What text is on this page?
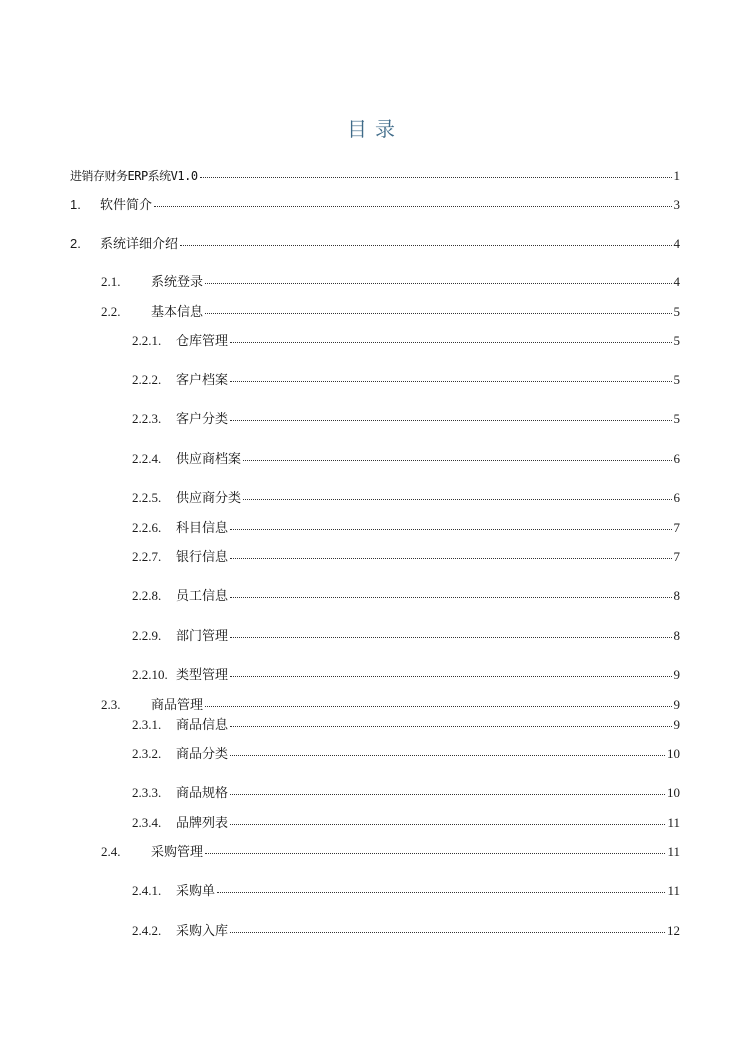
目录
进销存财务ERP系统V1.0	1
1.	软件简介	3
2.	系统详细介绍	4
2.1.	系统登录	4
2.2.	基本信息	5
2.2.1.	仓库管理	5
2.2.2.	客户档案	5
2.2.3.	客户分类	5
2.2.4.	供应商档案	6
2.2.5.	供应商分类	6
2.2.6.	科目信息	7
2.2.7.	银行信息	7
2.2.8.	员工信息	8
2.2.9.	部门管理	8
2.2.10. 类型管理	9
2.3.	商品管理	9
2.3.1.	商品信息	9
2.3.2.	商品分类	10
2.3.3.	商品规格	10
2.3.4.	品牌列表	11
2.4.	采购管理	11
2.4.1.	采购单	11
2.4.2.	采购入库	12
